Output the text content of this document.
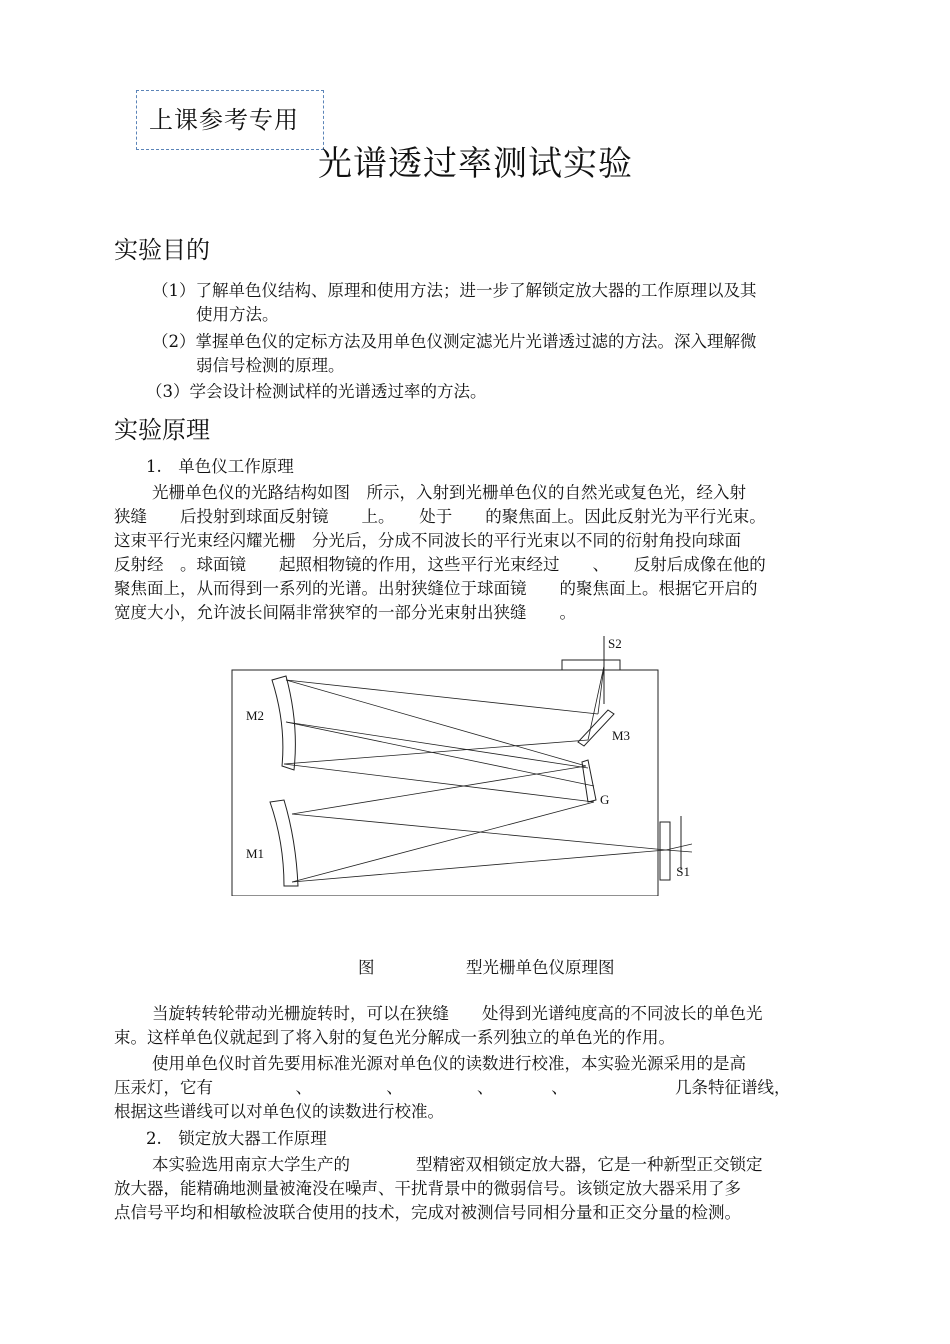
上课参考专用
光谱透过率测试实验
实验目的
（1）了解单色仪结构、原理和使用方法；进一步了解锁定放大器的工作原理以及其
使用方法。
（2）掌握单色仪的定标方法及用单色仪测定滤光片光谱透过滤的方法。深入理解微
弱信号检测的原理。
（3）学会设计检测试样的光谱透过率的方法。
实验原理
1.　单色仪工作原理
光栅单色仪的光路结构如图　所示，入射到光栅单色仪的自然光或复色光，经入射
狭缝　　后投射到球面反射镜　　上。　　处于　　的聚焦面上。因此反射光为平行光束。
这束平行光束经闪耀光栅　分光后，分成不同波长的平行光束以不同的衍射角投向球面
反射经　。球面镜　　起照相物镜的作用，这些平行光束经过　　、　　反射后成像在他的
聚焦面上，从而得到一系列的光谱。出射狭缝位于球面镜　　的聚焦面上。根据它开启的
宽度大小，允许波长间隔非常狭窄的一部分光束射出狭缝　　。
S2
M2
M3
G
M1
S1
图	型光栅单色仪原理图
当旋转转轮带动光栅旋转时，可以在狭缝　　处得到光谱纯度高的不同波长的单色光
束。这样单色仪就起到了将入射的复色光分解成一系列独立的单色光的作用。
使用单色仪时首先要用标准光源对单色仪的读数进行校准，本实验光源采用的是高
压汞灯，它有　　　　　、　　　　　、　　　　　、　　　　、　　　　　　　几条特征谱线，
根据这些谱线可以对单色仪的读数进行校准。
2.　锁定放大器工作原理
本实验选用南京大学生产的　　　　型精密双相锁定放大器，它是一种新型正交锁定
放大器，能精确地测量被淹没在噪声、干扰背景中的微弱信号。该锁定放大器采用了多
点信号平均和相敏检波联合使用的技术，完成对被测信号同相分量和正交分量的检测。
